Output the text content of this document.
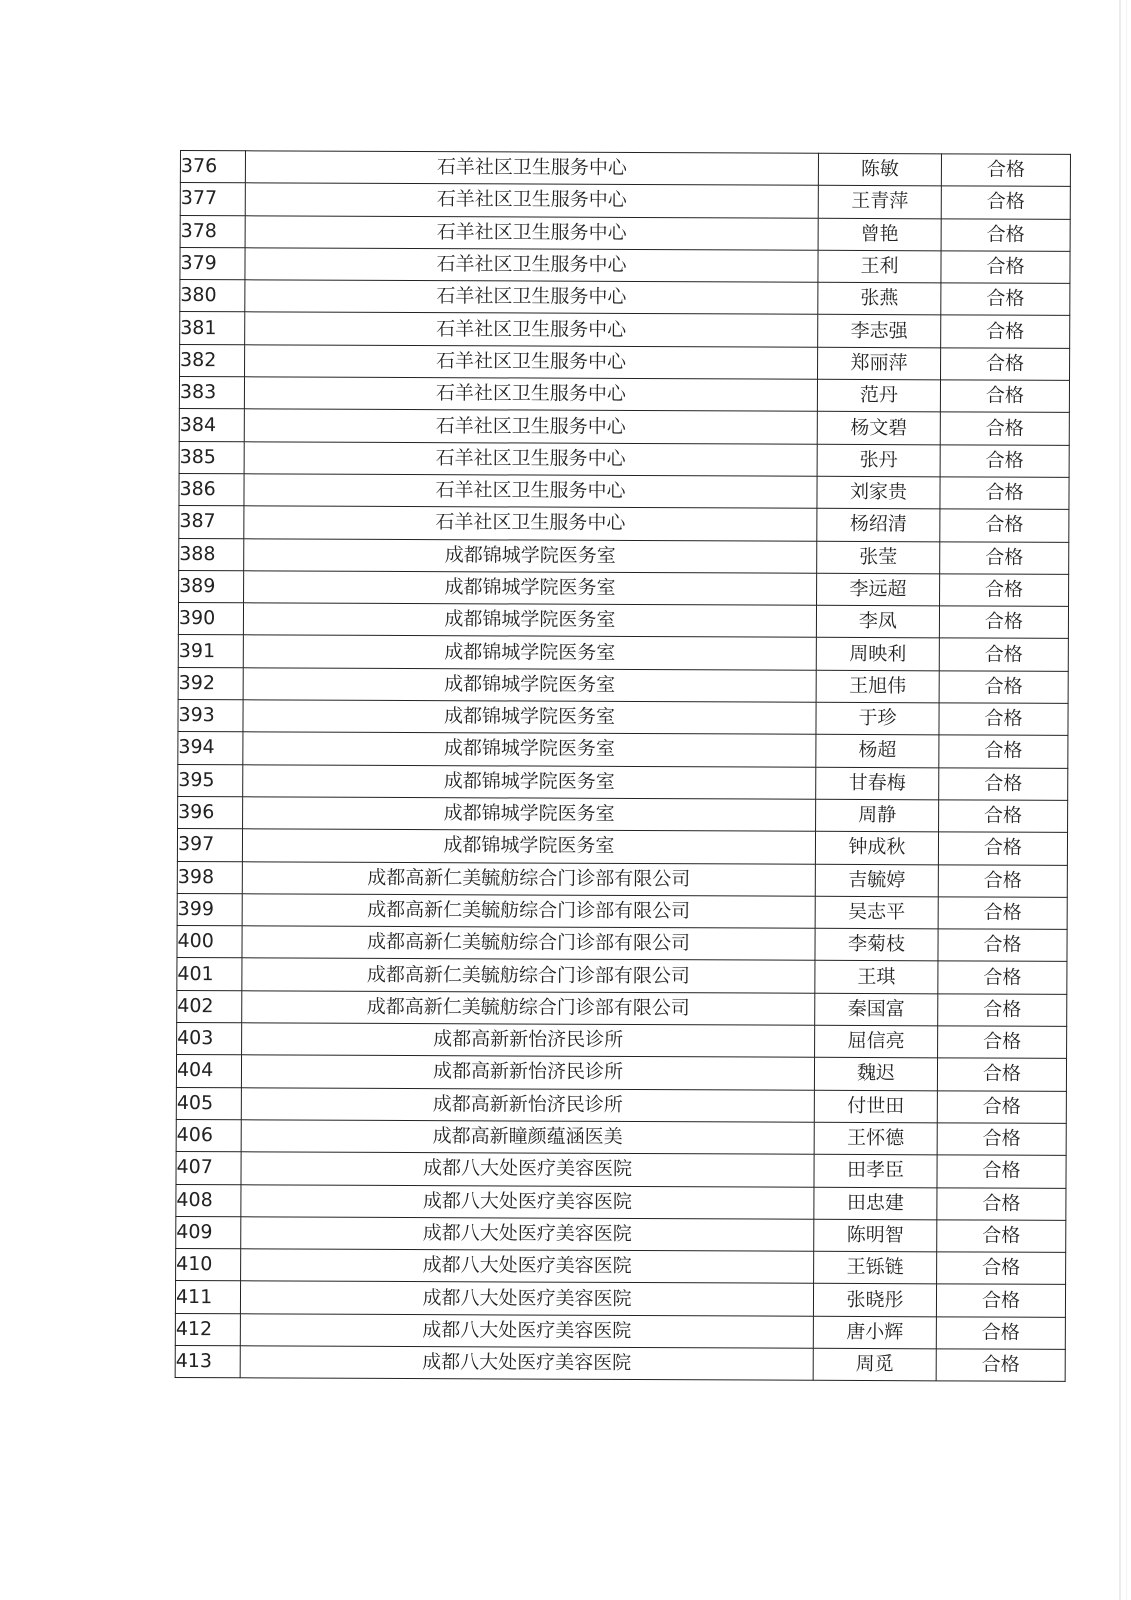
376	石羊社区卫生服务中心	陈敏	合格
377	石羊社区卫生服务中心	王青萍	合格
378	石羊社区卫生服务中心	曾艳	合格
379	石羊社区卫生服务中心	王利	合格
380	石羊社区卫生服务中心	张燕	合格
381	石羊社区卫生服务中心	李志强	合格
382	石羊社区卫生服务中心	郑丽萍	合格
383	石羊社区卫生服务中心	范丹	合格
384	石羊社区卫生服务中心	杨文碧	合格
385	石羊社区卫生服务中心	张丹	合格
386	石羊社区卫生服务中心	刘家贵	合格
387	石羊社区卫生服务中心	杨绍清	合格
388	成都锦城学院医务室	张莹	合格
389	成都锦城学院医务室	李远超	合格
390	成都锦城学院医务室	李凤	合格
391	成都锦城学院医务室	周映利	合格
392	成都锦城学院医务室	王旭伟	合格
393	成都锦城学院医务室	于珍	合格
394	成都锦城学院医务室	杨超	合格
395	成都锦城学院医务室	甘春梅	合格
396	成都锦城学院医务室	周静	合格
397	成都锦城学院医务室	钟成秋	合格
398	成都高新仁美毓舫综合门诊部有限公司	吉毓婷	合格
399	成都高新仁美毓舫综合门诊部有限公司	吴志平	合格
400	成都高新仁美毓舫综合门诊部有限公司	李菊枝	合格
401	成都高新仁美毓舫综合门诊部有限公司	王琪	合格
402	成都高新仁美毓舫综合门诊部有限公司	秦国富	合格
403	成都高新新怡济民诊所	屈信亮	合格
404	成都高新新怡济民诊所	魏迟	合格
405	成都高新新怡济民诊所	付世田	合格
406	成都高新瞳颜蕴涵医美	王怀德	合格
407	成都八大处医疗美容医院	田孝臣	合格
408	成都八大处医疗美容医院	田忠建	合格
409	成都八大处医疗美容医院	陈明智	合格
410	成都八大处医疗美容医院	王铄链	合格
411	成都八大处医疗美容医院	张晓彤	合格
412	成都八大处医疗美容医院	唐小辉	合格
413	成都八大处医疗美容医院	周觅	合格
